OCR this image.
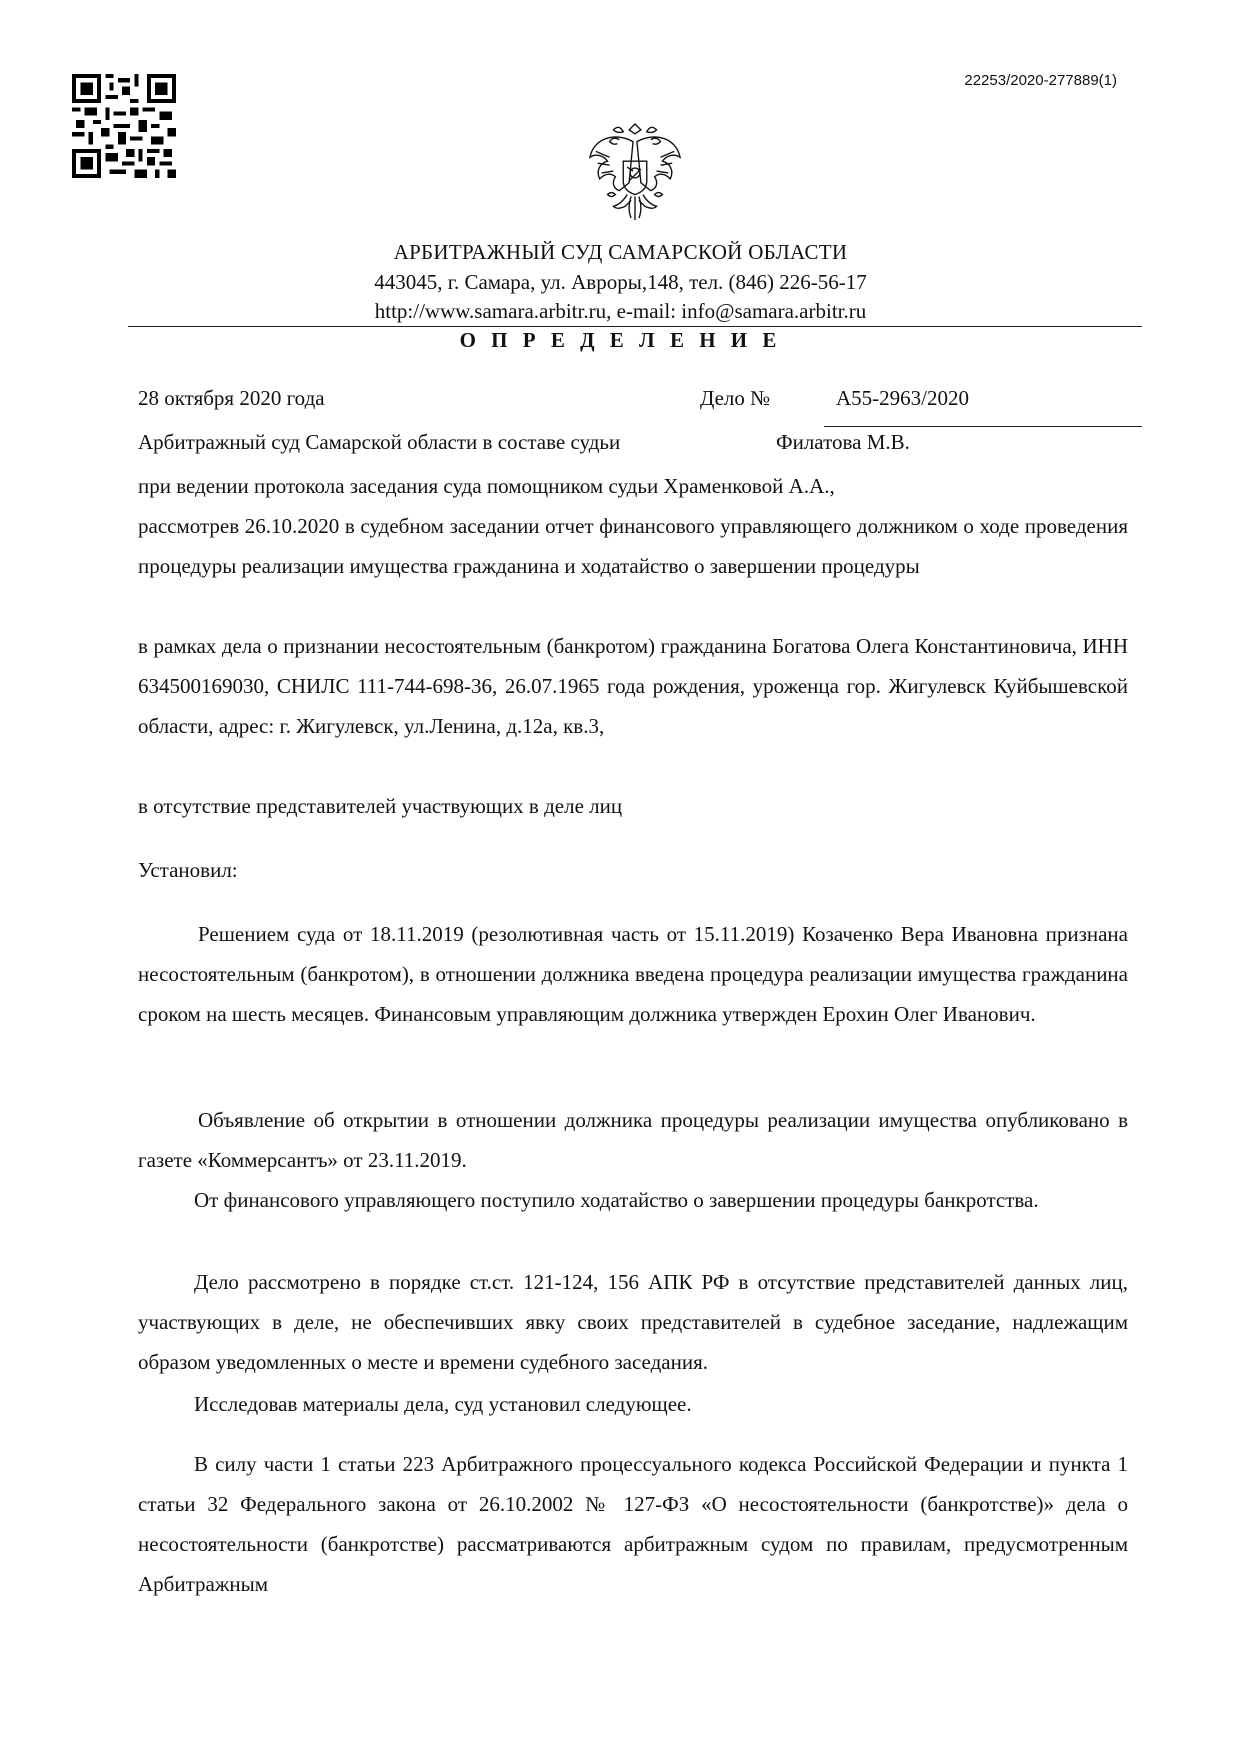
22253/2020-277889(1)
АРБИТРАЖНЫЙ СУД САМАРСКОЙ ОБЛАСТИ
443045, г. Самара, ул. Авроры,148, тел. (846) 226-56-17
http://www.samara.arbitr.ru, e-mail: info@samara.arbitr.ru
О П Р Е Д Е Л Е Н И Е
28 октября 2020 года	Дело №	А55-2963/2020
Арбитражный суд Самарской области в составе судьи	Филатова М.В.
при ведении протокола заседания суда помощником судьи Храменковой А.А.,
рассмотрев 26.10.2020 в судебном заседании отчет финансового управляющего должником о ходе проведения процедуры реализации имущества гражданина и ходатайство о завершении процедуры
в рамках дела о признании несостоятельным (банкротом) гражданина Богатова Олега Константиновича, ИНН 634500169030, СНИЛС 111-744-698-36, 26.07.1965 года рождения, уроженца гор. Жигулевск Куйбышевской области, адрес: г. Жигулевск, ул.Ленина, д.12а, кв.3,
в отсутствие представителей участвующих в деле лиц
Установил:
Решением суда от 18.11.2019 (резолютивная часть от 15.11.2019) Козаченко Вера Ивановна признана несостоятельным (банкротом), в отношении должника введена процедура реализации имущества гражданина сроком на шесть месяцев. Финансовым управляющим должника утвержден Ерохин Олег Иванович.
Объявление об открытии в отношении должника процедуры реализации имущества опубликовано в газете «Коммерсантъ» от 23.11.2019.
От финансового управляющего поступило ходатайство о завершении процедуры банкротства.
Дело рассмотрено в порядке ст.ст. 121-124, 156 АПК РФ в отсутствие представителей данных лиц, участвующих в деле, не обеспечивших явку своих представителей в судебное заседание, надлежащим образом уведомленных о месте и времени судебного заседания.
Исследовав материалы дела, суд установил следующее.
В силу части 1 статьи 223 Арбитражного процессуального кодекса Российской Федерации и пункта 1 статьи 32 Федерального закона от 26.10.2002 № 127-ФЗ «О несостоятельности (банкротстве)» дела о несостоятельности (банкротстве) рассматриваются арбитражным судом по правилам, предусмотренным Арбитражным
